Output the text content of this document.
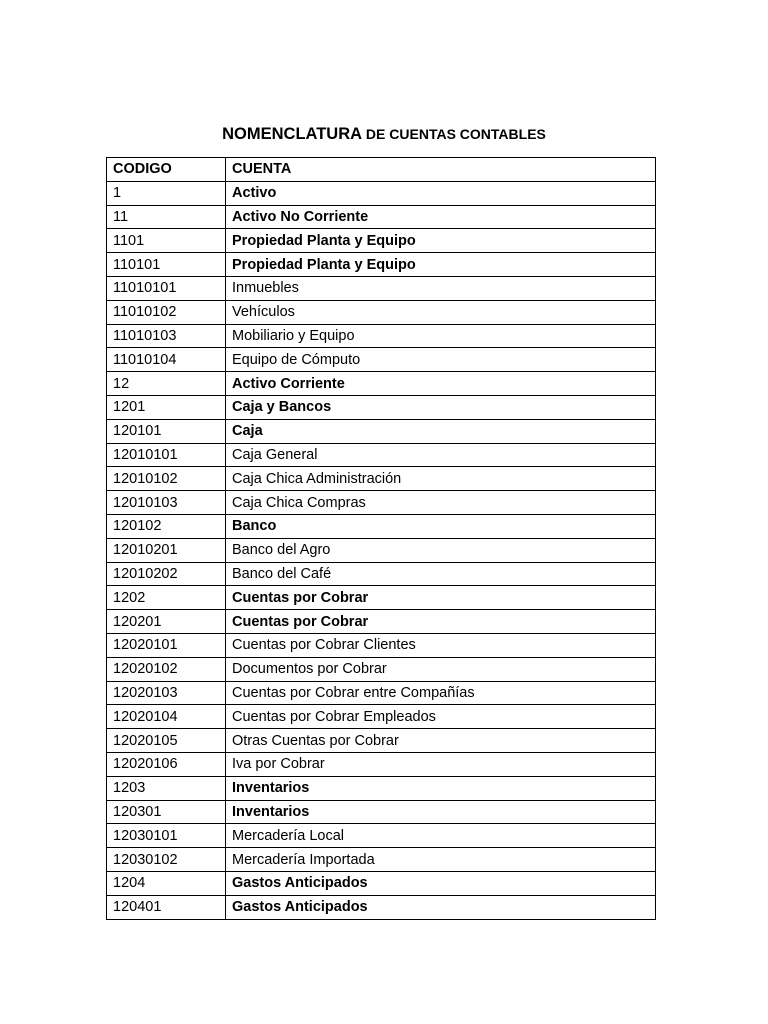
NOMENCLATURA DE CUENTAS CONTABLES
CODIGO	CUENTA
1	Activo
11	Activo No Corriente
1101	Propiedad Planta y Equipo
110101	Propiedad Planta y Equipo
11010101	Inmuebles
11010102	Vehículos
11010103	Mobiliario y Equipo
11010104	Equipo de Cómputo
12	Activo Corriente
1201	Caja y Bancos
120101	Caja
12010101	Caja General
12010102	Caja Chica Administración
12010103	Caja Chica Compras
120102	Banco
12010201	Banco del Agro
12010202	Banco del Café
1202	Cuentas por Cobrar
120201	Cuentas por Cobrar
12020101	Cuentas por Cobrar Clientes
12020102	Documentos por Cobrar
12020103	Cuentas por Cobrar entre Compañías
12020104	Cuentas por Cobrar Empleados
12020105	Otras Cuentas por Cobrar
12020106	Iva por Cobrar
1203	Inventarios
120301	Inventarios
12030101	Mercadería Local
12030102	Mercadería Importada
1204	Gastos Anticipados
120401	Gastos Anticipados
